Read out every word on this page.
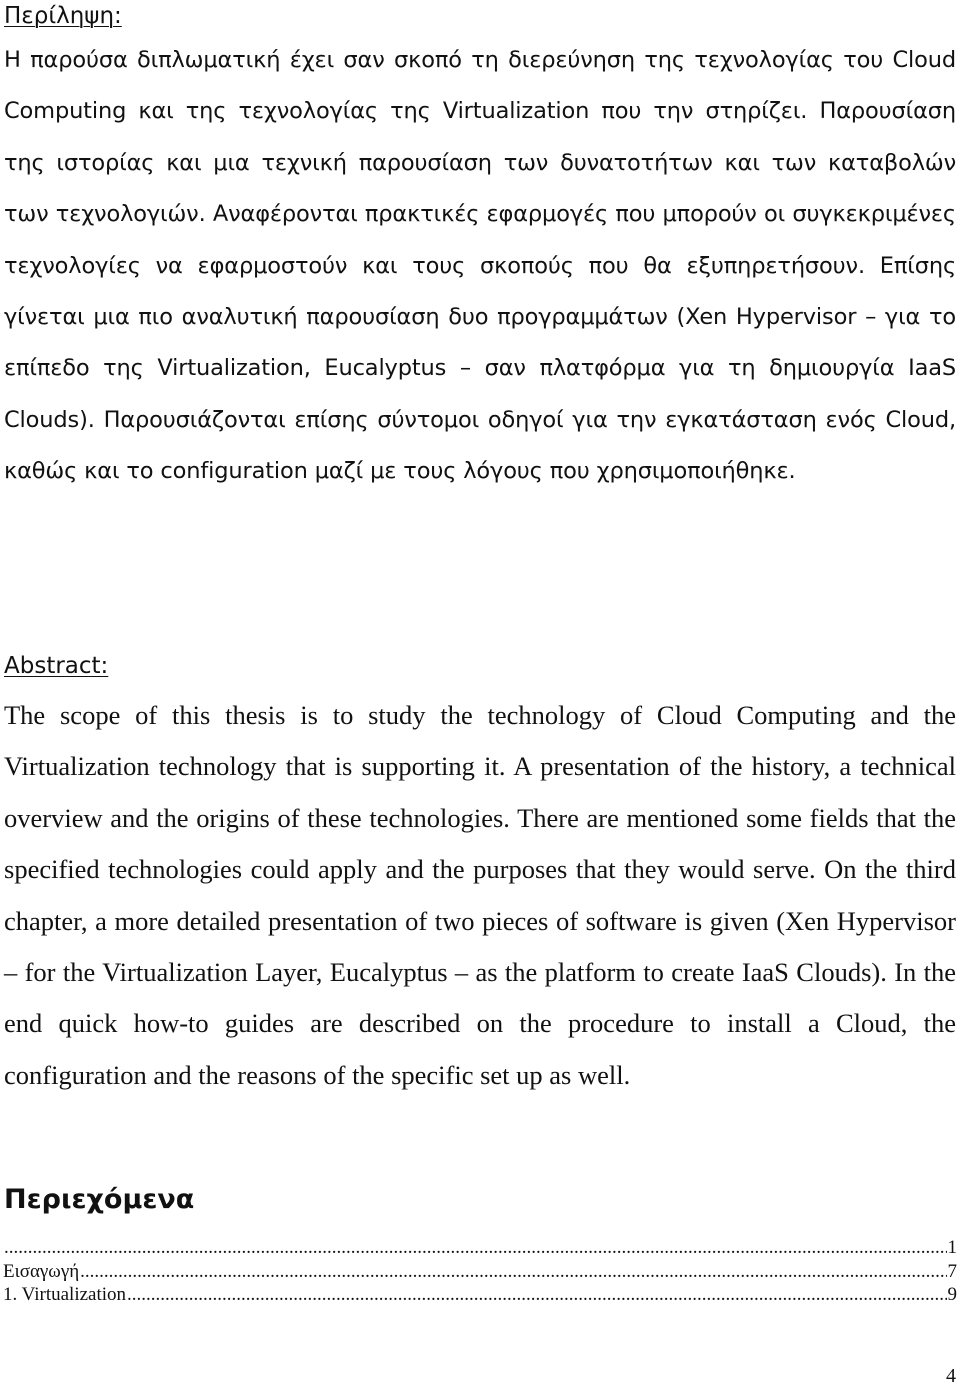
Περίληψη:

Η παρούσα διπλωματική έχει σαν σκοπό τη διερεύνηση της τεχνολογίας του Cloud Computing και της τεχνολογίας της Virtualization που την στηρίζει. Παρουσίαση της ιστορίας και μια τεχνική παρουσίαση των δυνατοτήτων και των καταβολών των τεχνολογιών. Αναφέρονται πρακτικές εφαρμογές που μπορούν οι συγκεκριμένες τεχνολογίες να εφαρμοστούν και τους σκοπούς που θα εξυπηρετήσουν. Επίσης γίνεται μια πιο αναλυτική παρουσίαση δυο προγραμμάτων (Xen Hypervisor – για το επίπεδο της Virtualization, Eucalyptus – σαν πλατφόρμα για τη δημιουργία IaaS Clouds). Παρουσιάζονται επίσης σύντομοι οδηγοί για την εγκατάσταση ενός Cloud, καθώς και το configuration μαζί με τους λόγους που χρησιμοποιήθηκε.

Abstract:

The scope of this thesis is to study the technology of Cloud Computing and the Virtualization technology that is supporting it. A presentation of the history, a technical overview and the origins of these technologies. There are mentioned some fields that the specified technologies could apply and the purposes that they would serve. On the third chapter, a more detailed presentation of two pieces of software is given (Xen Hypervisor – for the Virtualization Layer, Eucalyptus – as the platform to create IaaS Clouds). In the end quick how-to guides are described on the procedure to install a Cloud, the configuration and the reasons of the specific set up as well.

Περιεχόμενα
.....
1
Εισαγωγή .....	7
1. Virtualization .....	9
4
